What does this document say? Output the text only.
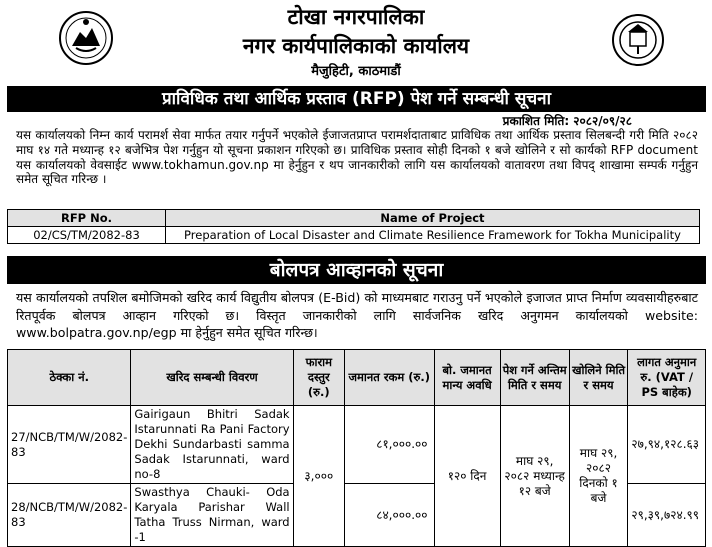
टोखा नगरपालिका
नगर कार्यपालिकाको कार्यालय
मैजुहिटी, काठमाडौं
प्राविधिक तथा आर्थिक प्रस्ताव (RFP) पेश गर्ने सम्बन्धी सूचना
प्रकाशित मिति: २०८२/०९/२८
यस कार्यालयको निम्न कार्य परामर्श सेवा मार्फत तयार गर्नुपर्ने भएकोले ईजाजतप्राप्त परामर्शदाताबाट प्राविधिक तथा आर्थिक प्रस्ताव सिलबन्दी गरी मिति २०८२ माघ १४ गते मध्यान्ह १२ बजेभित्र पेश गर्नुहुन यो सूचना प्रकाशन गरिएको छ। प्राविधिक प्रस्ताव सोही दिनको १ बजे खोलिने र सो कार्यको RFP document यस कार्यालयको वेवसाईट www.tokhamun.gov.np मा हेर्नुहुन र थप जानकारीको लागि यस कार्यालयको वातावरण तथा विपद् शाखामा सम्पर्क गर्नुहुन समेत सूचित गरिन्छ ।
RFP No.	Name of Project
02/CS/TM/2082-83	Preparation of Local Disaster and Climate Resilience Framework for Tokha Municipality
बोलपत्र आव्हानको सूचना
यस कार्यालयको तपशिल बमोजिमको खरिद कार्य विद्युतीय बोलपत्र (E-Bid) को माध्यमबाट गराउनु पर्ने भएकोले इजाजत प्राप्त निर्माण व्यवसायीहरुबाट रितपूर्वक बोलपत्र आव्हान गरिएको छ। विस्तृत जानकारीको लागि सार्वजनिक खरिद अनुगमन कार्यालयको website: www.bolpatra.gov.np/egp मा हेर्नुहुन समेत सूचित गरिन्छ।
ठेक्का नं.	खरिद सम्बन्धी विवरण	फाराम दस्तुर (रु.)	जमानत रकम (रु.)	बो. जमानत मान्य अवधि	पेश गर्ने अन्तिम मिति र समय	खोलिने मिति र समय	लागत अनुमान रु. (VAT / PS बाहेक)
27/NCB/TM/W/2082-83	Gairigaun Bhitri Sadak Istarunnati Ra Pani Factory Dekhi Sundarbasti samma Sadak Istarunnati, ward no-8	३,०००	८१,०००.००	१२० दिन	माघ २९, २०८२ मध्यान्ह १२ बजे	माघ २९, २०८२ दिनको १ बजे	२७,९४,१२८.६३
28/NCB/TM/W/2082-83	Swasthya Chauki- Oda Karyala Parishar Wall Tatha Truss Nirman, ward -1		८४,०००.००				२९,३९,७२४.९९
